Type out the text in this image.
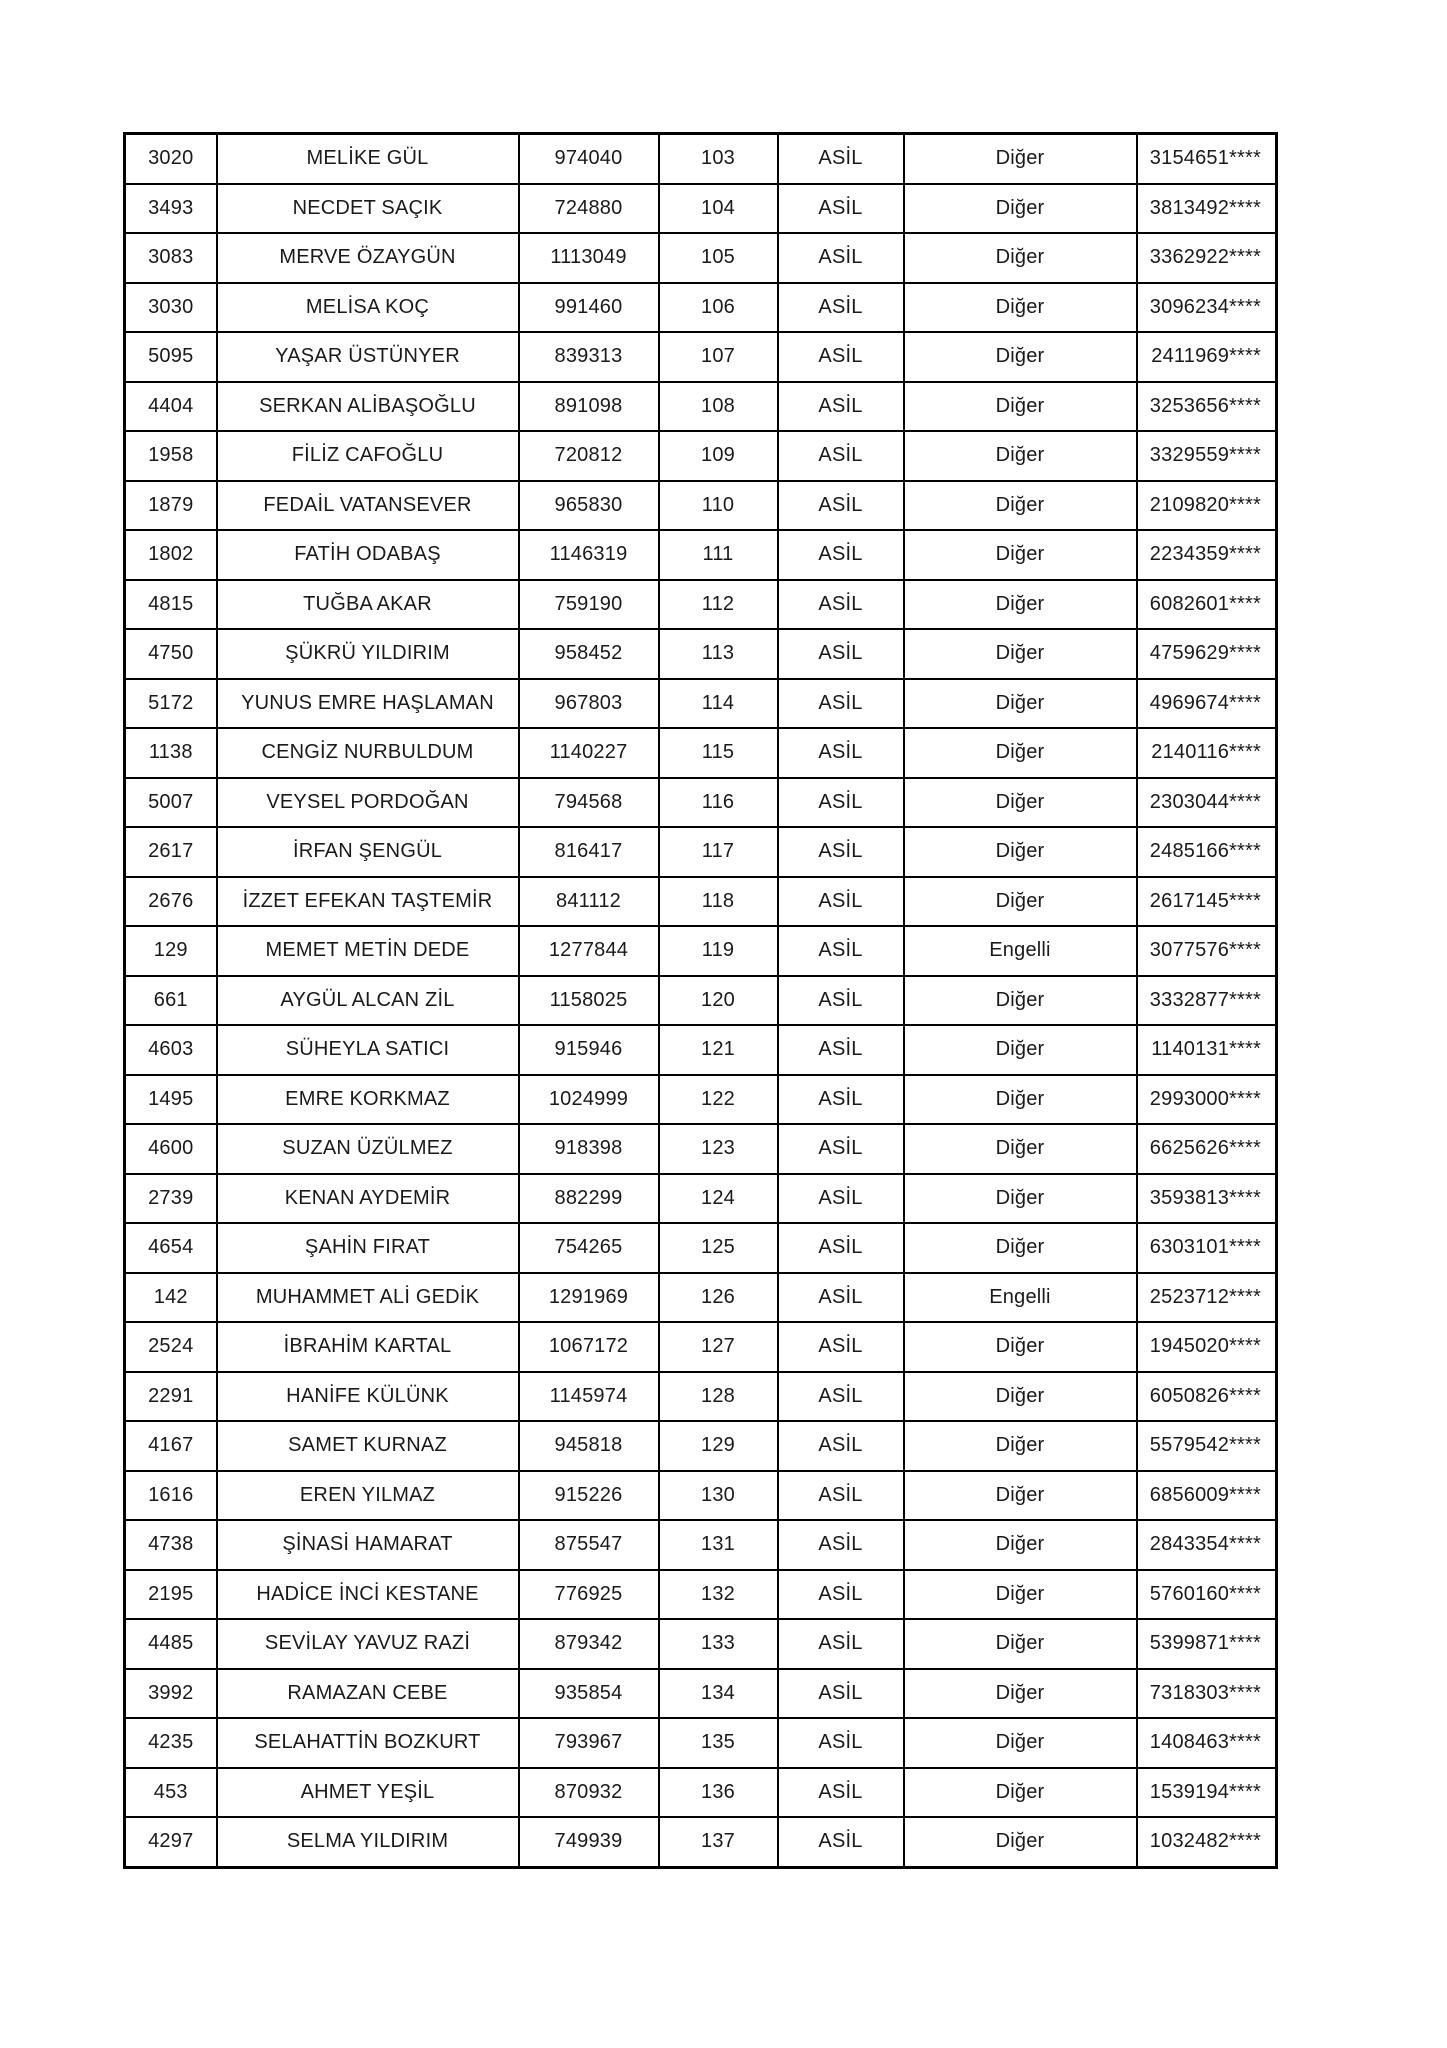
3020	MELİKE GÜL	974040	103	ASİL	Diğer	3154651****
3493	NECDET SAÇIK	724880	104	ASİL	Diğer	3813492****
3083	MERVE ÖZAYGÜN	1113049	105	ASİL	Diğer	3362922****
3030	MELİSA KOÇ	991460	106	ASİL	Diğer	3096234****
5095	YAŞAR ÜSTÜNYER	839313	107	ASİL	Diğer	2411969****
4404	SERKAN ALİBAŞOĞLU	891098	108	ASİL	Diğer	3253656****
1958	FİLİZ CAFOĞLU	720812	109	ASİL	Diğer	3329559****
1879	FEDAİL VATANSEVER	965830	110	ASİL	Diğer	2109820****
1802	FATİH ODABAŞ	1146319	111	ASİL	Diğer	2234359****
4815	TUĞBA AKAR	759190	112	ASİL	Diğer	6082601****
4750	ŞÜKRÜ YILDIRIM	958452	113	ASİL	Diğer	4759629****
5172	YUNUS EMRE HAŞLAMAN	967803	114	ASİL	Diğer	4969674****
1138	CENGİZ NURBULDUM	1140227	115	ASİL	Diğer	2140116****
5007	VEYSEL PORDOĞAN	794568	116	ASİL	Diğer	2303044****
2617	İRFAN ŞENGÜL	816417	117	ASİL	Diğer	2485166****
2676	İZZET EFEKAN TAŞTEMİR	841112	118	ASİL	Diğer	2617145****
129	MEMET METİN DEDE	1277844	119	ASİL	Engelli	3077576****
661	AYGÜL ALCAN ZİL	1158025	120	ASİL	Diğer	3332877****
4603	SÜHEYLA SATICI	915946	121	ASİL	Diğer	1140131****
1495	EMRE KORKMAZ	1024999	122	ASİL	Diğer	2993000****
4600	SUZAN ÜZÜLMEZ	918398	123	ASİL	Diğer	6625626****
2739	KENAN AYDEMİR	882299	124	ASİL	Diğer	3593813****
4654	ŞAHİN FIRAT	754265	125	ASİL	Diğer	6303101****
142	MUHAMMET ALİ GEDİK	1291969	126	ASİL	Engelli	2523712****
2524	İBRAHİM KARTAL	1067172	127	ASİL	Diğer	1945020****
2291	HANİFE KÜLÜNK	1145974	128	ASİL	Diğer	6050826****
4167	SAMET KURNAZ	945818	129	ASİL	Diğer	5579542****
1616	EREN YILMAZ	915226	130	ASİL	Diğer	6856009****
4738	ŞİNASİ HAMARAT	875547	131	ASİL	Diğer	2843354****
2195	HADİCE İNCİ KESTANE	776925	132	ASİL	Diğer	5760160****
4485	SEVİLAY YAVUZ RAZİ	879342	133	ASİL	Diğer	5399871****
3992	RAMAZAN CEBE	935854	134	ASİL	Diğer	7318303****
4235	SELAHATTİN BOZKURT	793967	135	ASİL	Diğer	1408463****
453	AHMET YEŞİL	870932	136	ASİL	Diğer	1539194****
4297	SELMA YILDIRIM	749939	137	ASİL	Diğer	1032482****
